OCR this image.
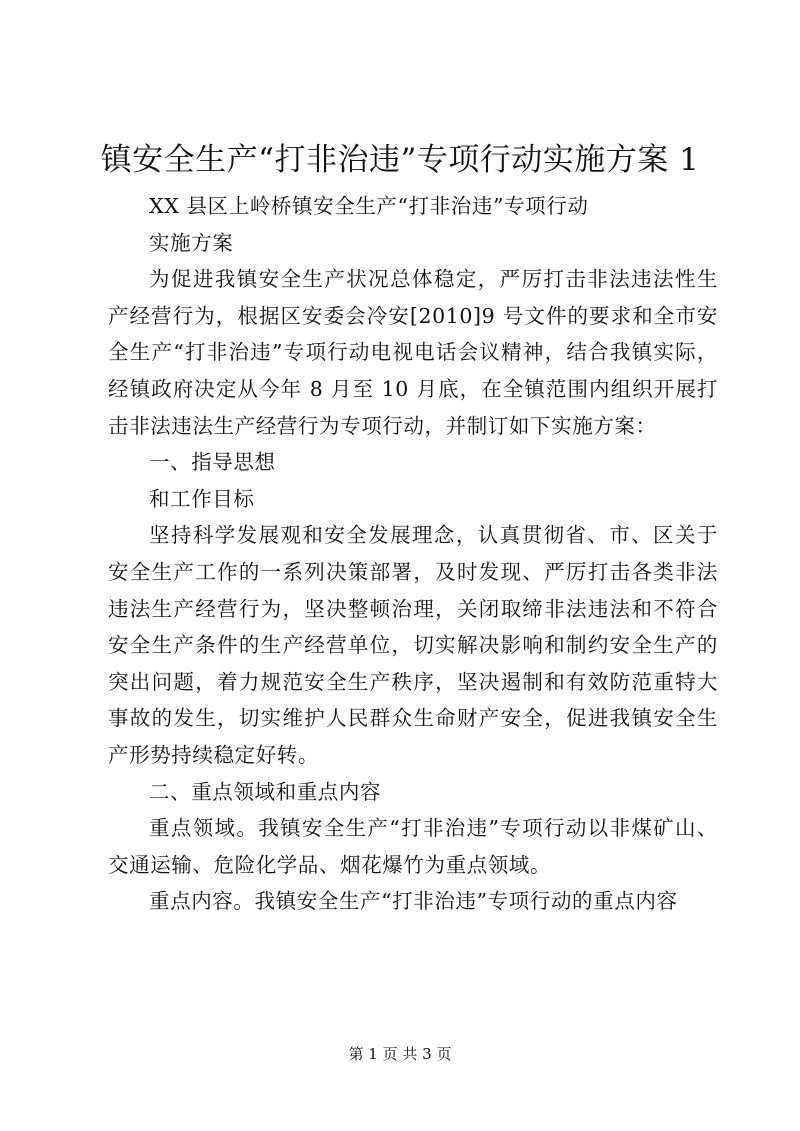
镇安全生产“打非治违”专项行动实施方案 1

XX 县区上岭桥镇安全生产“打非治违”专项行动

实施方案

为促进我镇安全生产状况总体稳定，严厉打击非法违法性生产经营行为，根据区安委会冷安[2010]9 号文件的要求和全市安全生产“打非治违”专项行动电视电话会议精神，结合我镇实际，经镇政府决定从今年 8 月至 10 月底，在全镇范围内组织开展打击非法违法生产经营行为专项行动，并制订如下实施方案：

一、指导思想

和工作目标

坚持科学发展观和安全发展理念，认真贯彻省、市、区关于安全生产工作的一系列决策部署，及时发现、严厉打击各类非法违法生产经营行为，坚决整顿治理，关闭取缔非法违法和不符合安全生产条件的生产经营单位，切实解决影响和制约安全生产的突出问题，着力规范安全生产秩序，坚决遏制和有效防范重特大事故的发生，切实维护人民群众生命财产安全，促进我镇安全生产形势持续稳定好转。

二、重点领域和重点内容

重点领域。我镇安全生产“打非治违”专项行动以非煤矿山、交通运输、危险化学品、烟花爆竹为重点领域。

重点内容。我镇安全生产“打非治违”专项行动的重点内容

第 1 页 共 3 页
